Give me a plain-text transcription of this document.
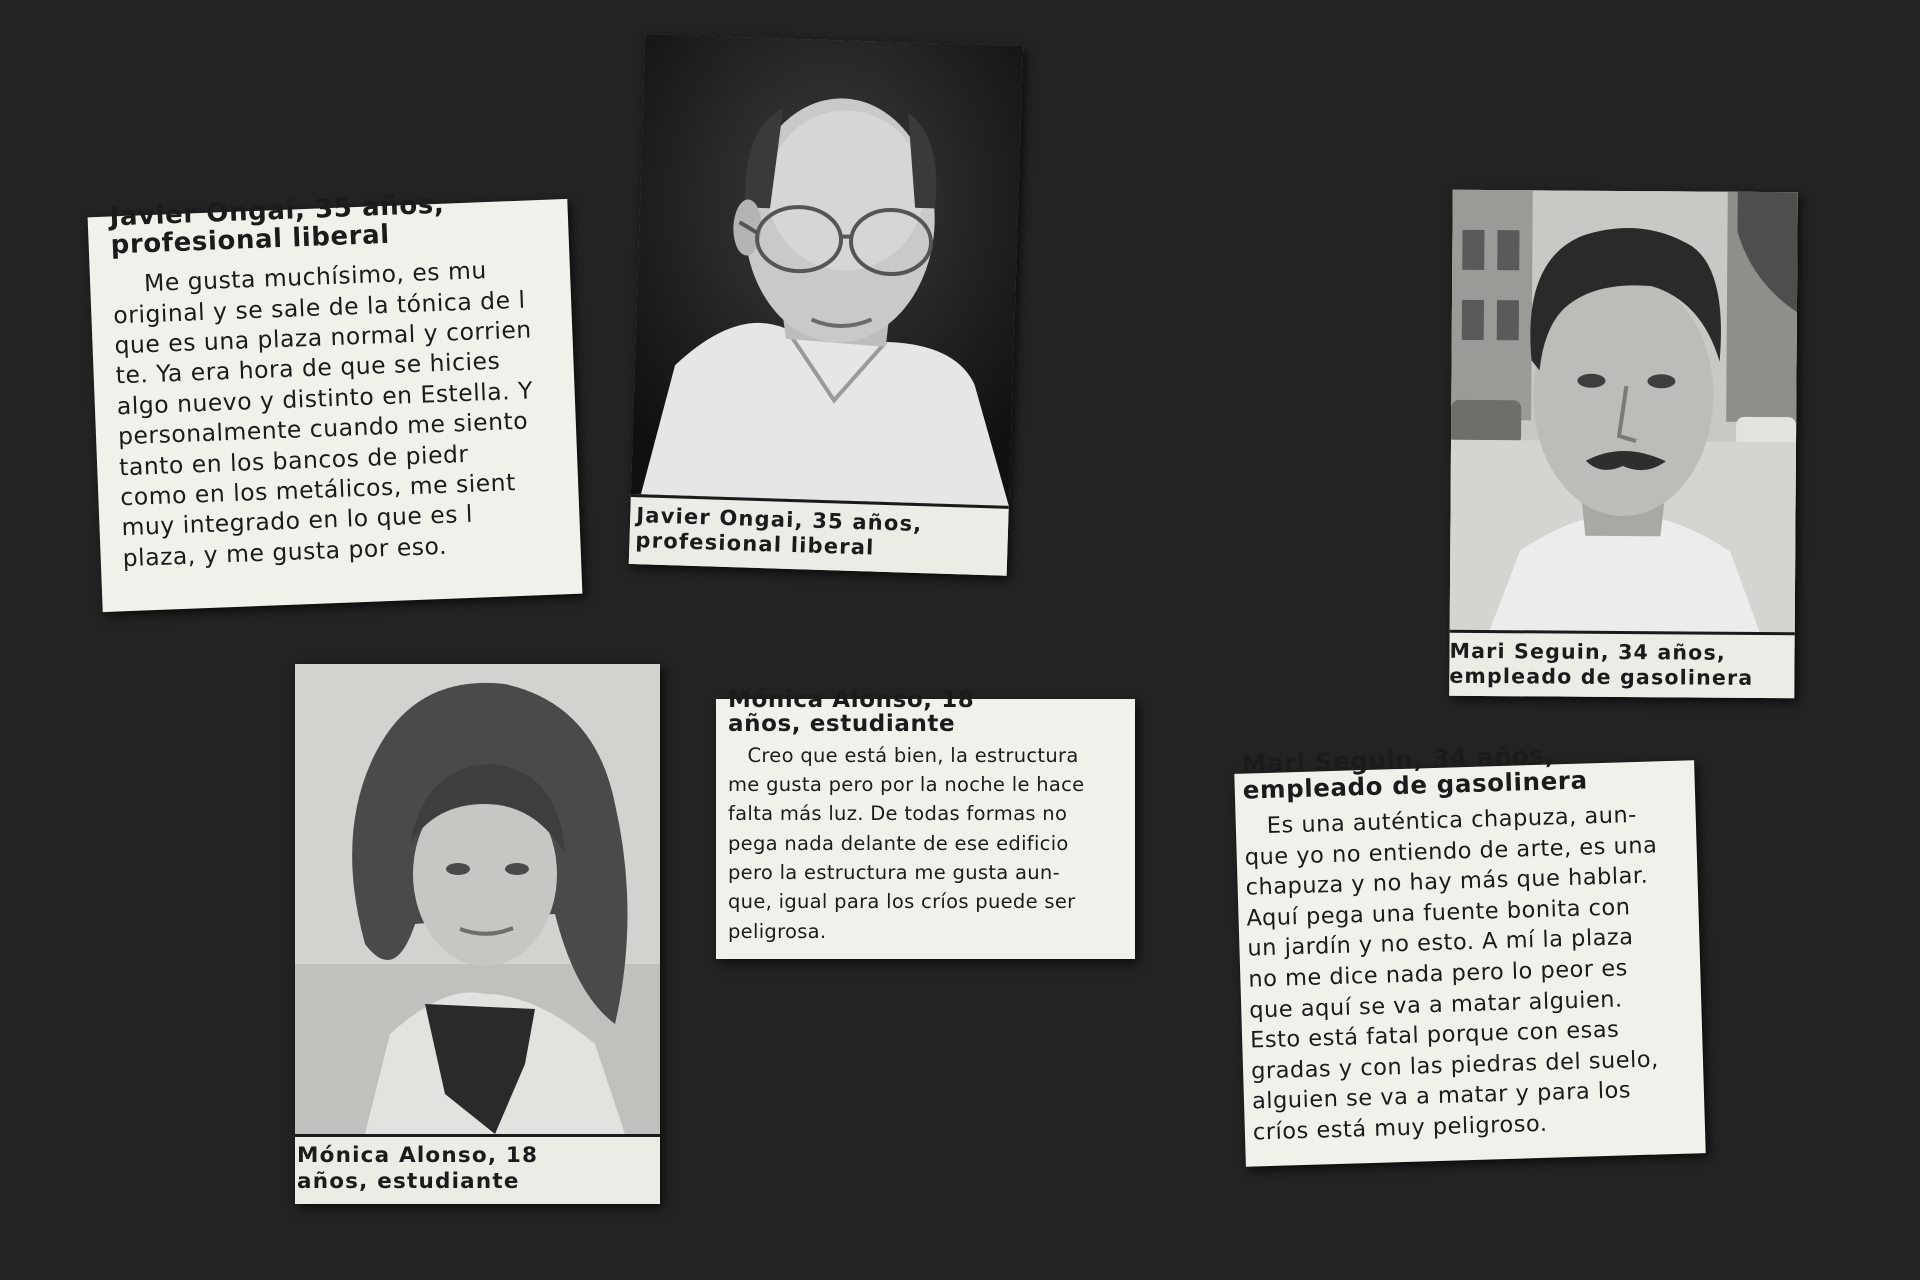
Javier Ongai, 35 años,
profesional liberal
Me gusta muchísimo, es mu
original y se sale de la tónica de l
que es una plaza normal y corrien
te. Ya era hora de que se hicies
algo nuevo y distinto en Estella. Y
personalmente cuando me siento
tanto en los bancos de piedr
como en los metálicos, me sient
muy integrado en lo que es l
plaza, y me gusta por eso.
Javier Ongai, 35 años,
profesional liberal
Mari Seguin, 34 años,
empleado de gasolinera
Mónica Alonso, 18
años, estudiante
Mónica Alonso, 18
años, estudiante
Creo que está bien, la estructura
me gusta pero por la noche le hace
falta más luz. De todas formas no
pega nada delante de ese edificio
pero la estructura me gusta aun-
que, igual para los críos puede ser
peligrosa.
Mari Seguin, 34 años,
empleado de gasolinera
Es una auténtica chapuza, aun-
que yo no entiendo de arte, es una
chapuza y no hay más que hablar.
Aquí pega una fuente bonita con
un jardín y no esto. A mí la plaza
no me dice nada pero lo peor es
que aquí se va a matar alguien.
Esto está fatal porque con esas
gradas y con las piedras del suelo,
alguien se va a matar y para los
críos está muy peligroso.
